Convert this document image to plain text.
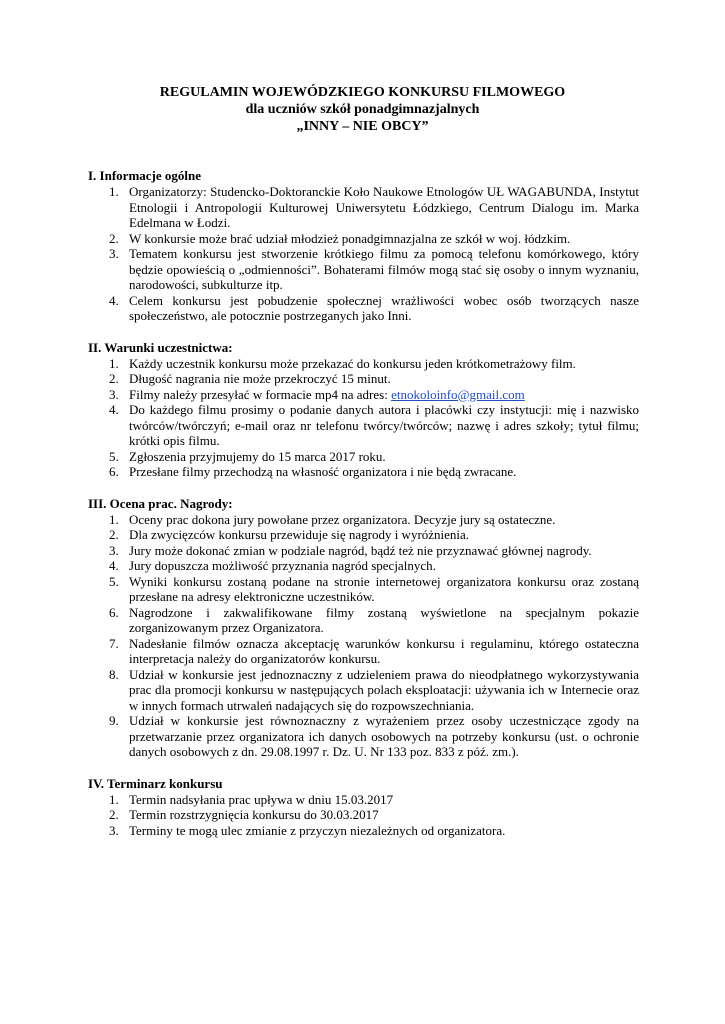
REGULAMIN WOJEWÓDZKIEGO KONKURSU FILMOWEGO
dla uczniów szkół ponadgimnazjalnych
„INNY – NIE OBCY”
I. Informacje ogólne
1. Organizatorzy: Studencko-Doktoranckie Koło Naukowe Etnologów UŁ WAGABUNDA, Instytut Etnologii i Antropologii Kulturowej Uniwersytetu Łódzkiego, Centrum Dialogu im. Marka Edelmana w Łodzi.
2. W konkursie może brać udział młodzież ponadgimnazjalna ze szkół w woj. łódzkim.
3. Tematem konkursu jest stworzenie krótkiego filmu za pomocą telefonu komórkowego, który będzie opowieścią o „odmienności”. Bohaterami filmów mogą stać się osoby o innym wyznaniu, narodowości, subkulturze itp.
4. Celem konkursu jest pobudzenie społecznej wrażliwości wobec osób tworzących nasze społeczeństwo, ale potocznie postrzeganych jako Inni.
II. Warunki uczestnictwa:
1. Każdy uczestnik konkursu może przekazać do konkursu jeden krótkometrażowy film.
2. Długość nagrania nie może przekroczyć 15 minut.
3. Filmy należy przesyłać w formacie mp4 na adres: etnokoloinfo@gmail.com
4. Do każdego filmu prosimy o podanie danych autora i placówki czy instytucji: mię i nazwisko twórców/twórczyń; e-mail oraz nr telefonu twórcy/twórców; nazwę i adres szkoły; tytuł filmu; krótki opis filmu.
5. Zgłoszenia przyjmujemy do 15 marca 2017 roku.
6. Przesłane filmy przechodzą na własność organizatora i nie będą zwracane.
III. Ocena prac. Nagrody:
1. Oceny prac dokona jury powołane przez organizatora. Decyzje jury są ostateczne.
2. Dla zwycięzców konkursu przewiduje się nagrody i wyróżnienia.
3. Jury może dokonać zmian w podziale nagród, bądź też nie przyznawać głównej nagrody.
4. Jury dopuszcza możliwość przyznania nagród specjalnych.
5. Wyniki konkursu zostaną podane na stronie internetowej organizatora konkursu oraz zostaną przesłane na adresy elektroniczne uczestników.
6. Nagrodzone i zakwalifikowane filmy zostaną wyświetlone na specjalnym pokazie zorganizowanym przez Organizatora.
7. Nadesłanie filmów oznacza akceptację warunków konkursu i regulaminu, którego ostateczna interpretacja należy do organizatorów konkursu.
8. Udział w konkursie jest jednoznaczny z udzieleniem prawa do nieodpłatnego wykorzystywania prac dla promocji konkursu w następujących polach eksploatacji: używania ich w Internecie oraz w innych formach utrwaleń nadających się do rozpowszechniania.
9. Udział w konkursie jest równoznaczny z wyrażeniem przez osoby uczestniczące zgody na przetwarzanie przez organizatora ich danych osobowych na potrzeby konkursu (ust. o ochronie danych osobowych z dn. 29.08.1997 r. Dz. U. Nr 133 poz. 833 z póź. zm.).
IV. Terminarz konkursu
1. Termin nadsyłania prac upływa w dniu 15.03.2017
2. Termin rozstrzygnięcia konkursu do 30.03.2017
3. Terminy te mogą ulec zmianie z przyczyn niezależnych od organizatora.
